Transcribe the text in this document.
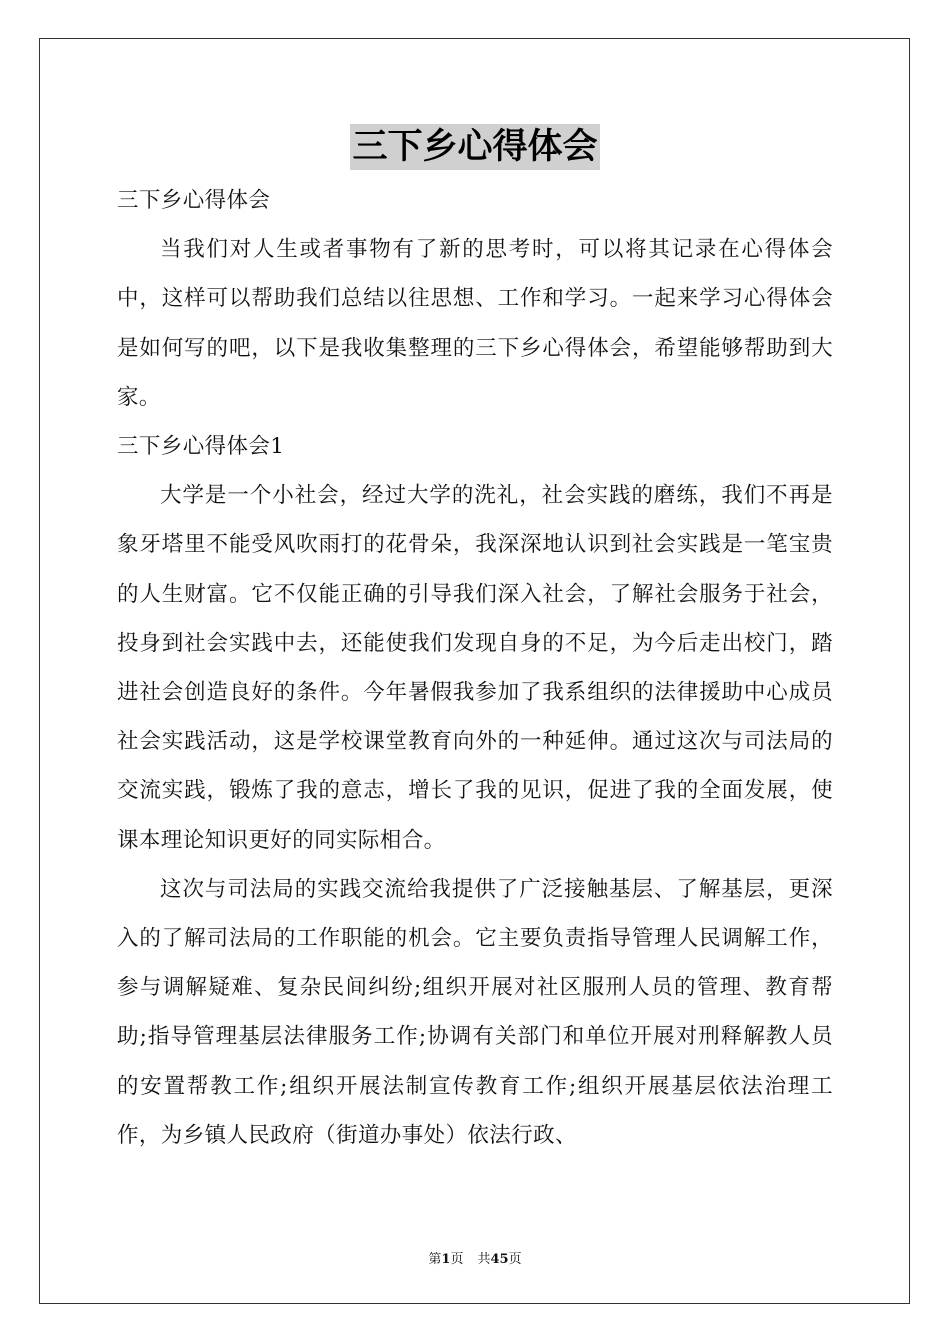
三下乡心得体会

三下乡心得体会

当我们对人生或者事物有了新的思考时，可以将其记录在心得体会中，这样可以帮助我们总结以往思想、工作和学习。一起来学习心得体会是如何写的吧，以下是我收集整理的三下乡心得体会，希望能够帮助到大家。

三下乡心得体会1

大学是一个小社会，经过大学的洗礼，社会实践的磨练，我们不再是象牙塔里不能受风吹雨打的花骨朵，我深深地认识到社会实践是一笔宝贵的人生财富。它不仅能正确的引导我们深入社会，了解社会服务于社会，投身到社会实践中去，还能使我们发现自身的不足，为今后走出校门，踏进社会创造良好的条件。今年暑假我参加了我系组织的法律援助中心成员社会实践活动，这是学校课堂教育向外的一种延伸。通过这次与司法局的交流实践，锻炼了我的意志，增长了我的见识，促进了我的全面发展，使课本理论知识更好的同实际相合。

这次与司法局的实践交流给我提供了广泛接触基层、了解基层，更深入的了解司法局的工作职能的机会。它主要负责指导管理人民调解工作，参与调解疑难、复杂民间纠纷;组织开展对社区服刑人员的管理、教育帮助;指导管理基层法律服务工作;协调有关部门和单位开展对刑释解教人员的安置帮教工作;组织开展法制宣传教育工作;组织开展基层依法治理工作，为乡镇人民政府（街道办事处）依法行政、

第1页 共45页
